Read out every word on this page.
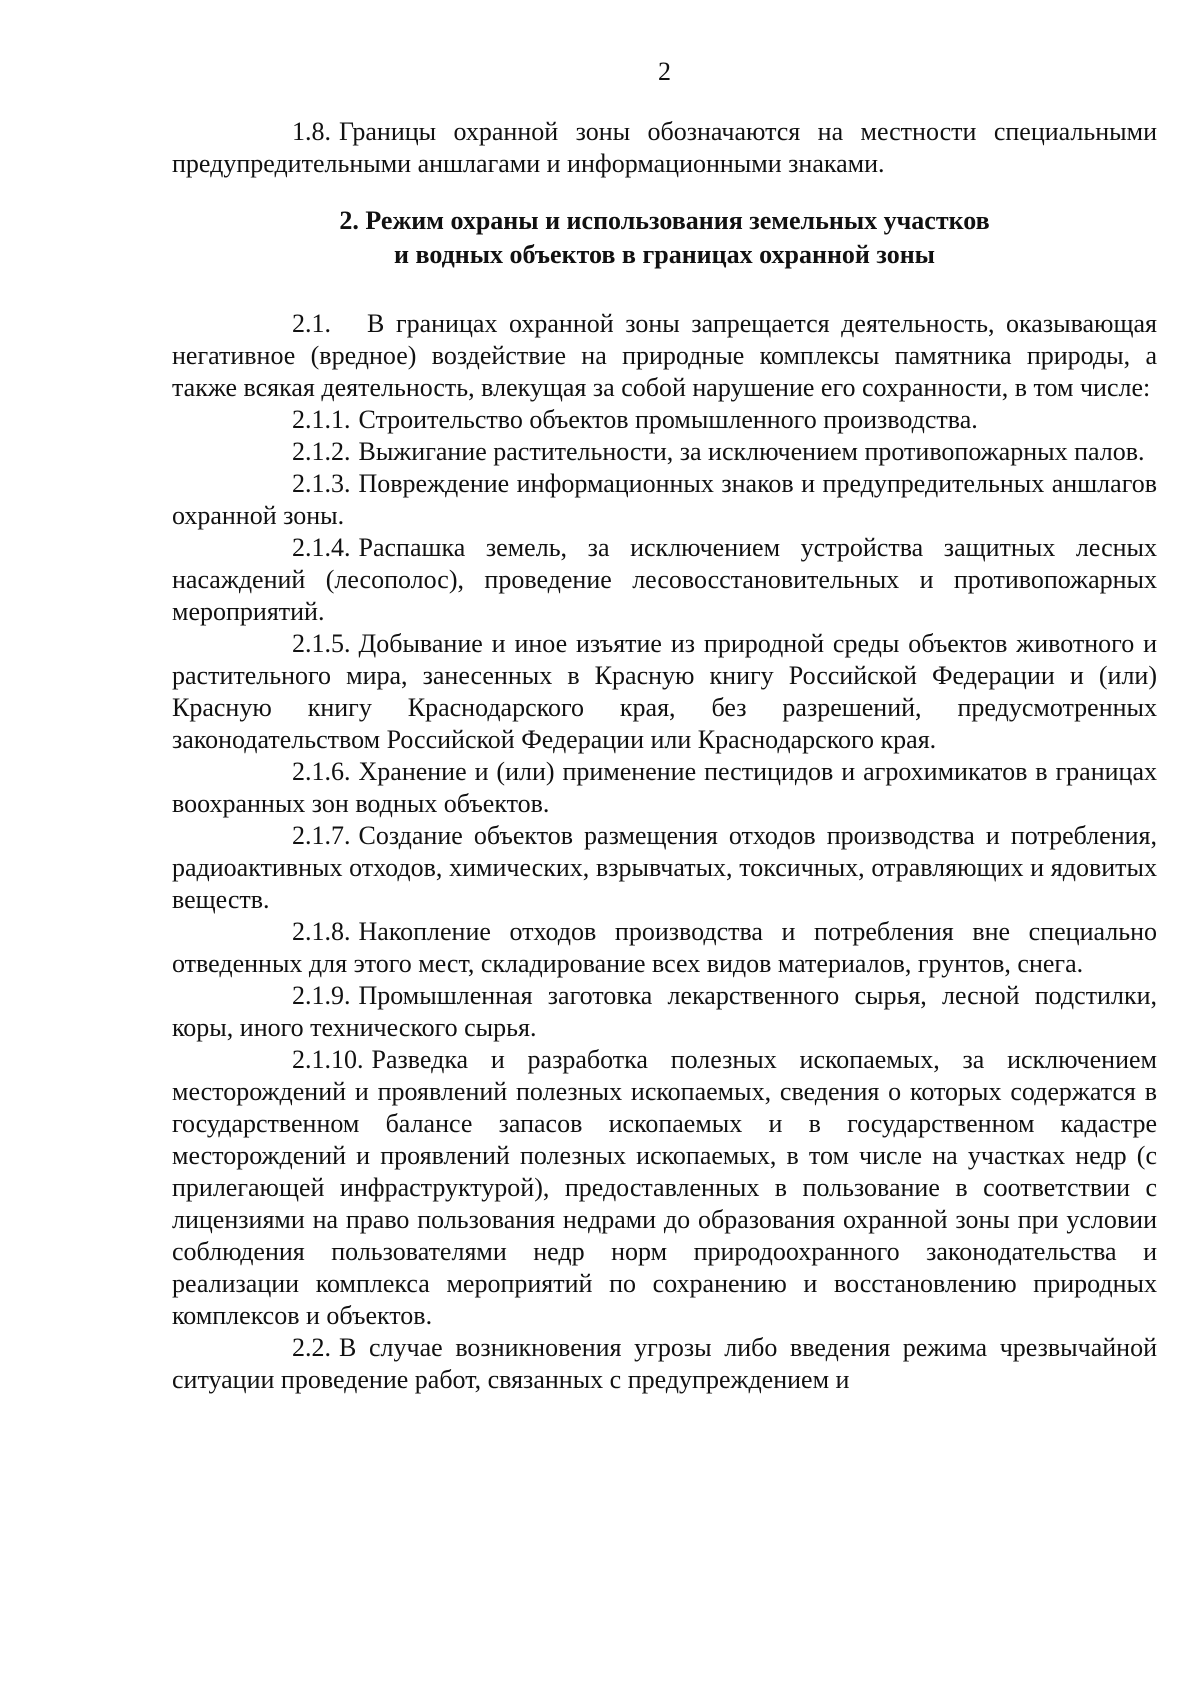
2

1.8. Границы охранной зоны обозначаются на местности специальными предупредительными аншлагами и информационными знаками.

2. Режим охраны и использования земельных участков
и водных объектов в границах охранной зоны

2.1. В границах охранной зоны запрещается деятельность, оказывающая негативное (вредное) воздействие на природные комплексы памятника природы, а также всякая деятельность, влекущая за собой нарушение его сохранности, в том числе:

2.1.1. Строительство объектов промышленного производства.

2.1.2. Выжигание растительности, за исключением противопожарных палов.

2.1.3. Повреждение информационных знаков и предупредительных аншлагов охранной зоны.

2.1.4. Распашка земель, за исключением устройства защитных лесных насаждений (лесополос), проведение лесовосстановительных и противопожарных мероприятий.

2.1.5. Добывание и иное изъятие из природной среды объектов животного и растительного мира, занесенных в Красную книгу Российской Федерации и (или) Красную книгу Краснодарского края, без разрешений, предусмотренных законодательством Российской Федерации или Краснодарского края.

2.1.6. Хранение и (или) применение пестицидов и агрохимикатов в границах воохранных зон водных объектов.

2.1.7. Создание объектов размещения отходов производства и потребления, радиоактивных отходов, химических, взрывчатых, токсичных, отравляющих и ядовитых веществ.

2.1.8. Накопление отходов производства и потребления вне специально отведенных для этого мест, складирование всех видов материалов, грунтов, снега.

2.1.9. Промышленная заготовка лекарственного сырья, лесной подстилки, коры, иного технического сырья.

2.1.10. Разведка и разработка полезных ископаемых, за исключением месторождений и проявлений полезных ископаемых, сведения о которых содержатся в государственном балансе запасов ископаемых и в государственном кадастре месторождений и проявлений полезных ископаемых, в том числе на участках недр (с прилегающей инфраструктурой), предоставленных в пользование в соответствии с лицензиями на право пользования недрами до образования охранной зоны при условии соблюдения пользователями недр норм природоохранного законодательства и реализации комплекса мероприятий по сохранению и восстановлению природных комплексов и объектов.

2.2. В случае возникновения угрозы либо введения режима чрезвычайной ситуации проведение работ, связанных с предупреждением и
